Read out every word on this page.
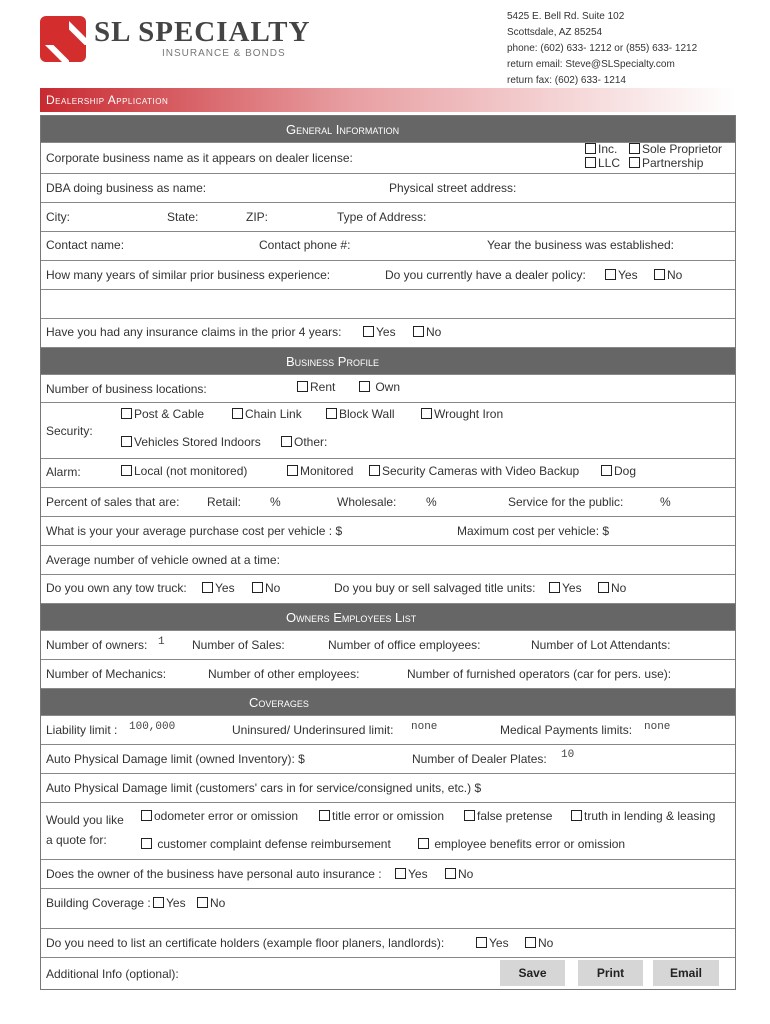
SL SPECIALTY
INSURANCE & BONDS
5425 E. Bell Rd. Suite 102
Scottsdale, AZ 85254
phone: (602) 633- 1212 or (855) 633- 1212
return email: Steve@SLSpecialty.com
return fax: (602) 633- 1214
Dealership Application
General Information
Corporate business name as it appears on dealer license:
Inc.	Sole Proprietor
LLC	Partnership
DBA doing business as name:	Physical street address:
City:	State:	ZIP:	Type of Address:
Contact name:	Contact phone #:	Year the business was established:
How many years of similar prior business experience:	Do you currently have a dealer policy:	Yes	No
Have you had any insurance claims in the prior 4 years:	Yes	No
Business Profile
Number of business locations:	Rent	Own
Security:
Post & Cable	Chain Link	Block Wall	Wrought Iron
Vehicles Stored Indoors	Other:
Alarm:	Local (not monitored)	Monitored	Security Cameras with Video Backup	Dog
Percent of sales that are: Retail: %	Wholesale: %	Service for the public:	%
What is your your average purchase cost per vehicle : $	Maximum cost per vehicle: $
Average number of vehicle owned at a time:
Do you own any tow truck:	Yes	No	Do you buy or sell salvaged title units:	Yes	No
Owners Employees List
Number of owners: 1 Number of Sales:	Number of office employees:	Number of Lot Attendants:
Number of Mechanics:	Number of other employees:	Number of furnished operators (car for pers. use):
Coverages
Liability limit : 100,000	Uninsured/ Underinsured limit: none	Medical Payments limits: none
Auto Physical Damage limit (owned Inventory): $	Number of Dealer Plates: 10
Auto Physical Damage limit (customers' cars in for service/consigned units, etc.) $
Would you like
a quote for:
odometer error or omission	title error or omission	false pretense	truth in lending & leasing
customer complaint defense reimbursement	employee benefits error or omission
Does the owner of the business have personal auto insurance :	Yes	No
Building Coverage :	Yes	No
Do you need to list an certificate holders (example floor planers, landlords):	Yes	No
Additional Info (optional):	Save	Print	Email
